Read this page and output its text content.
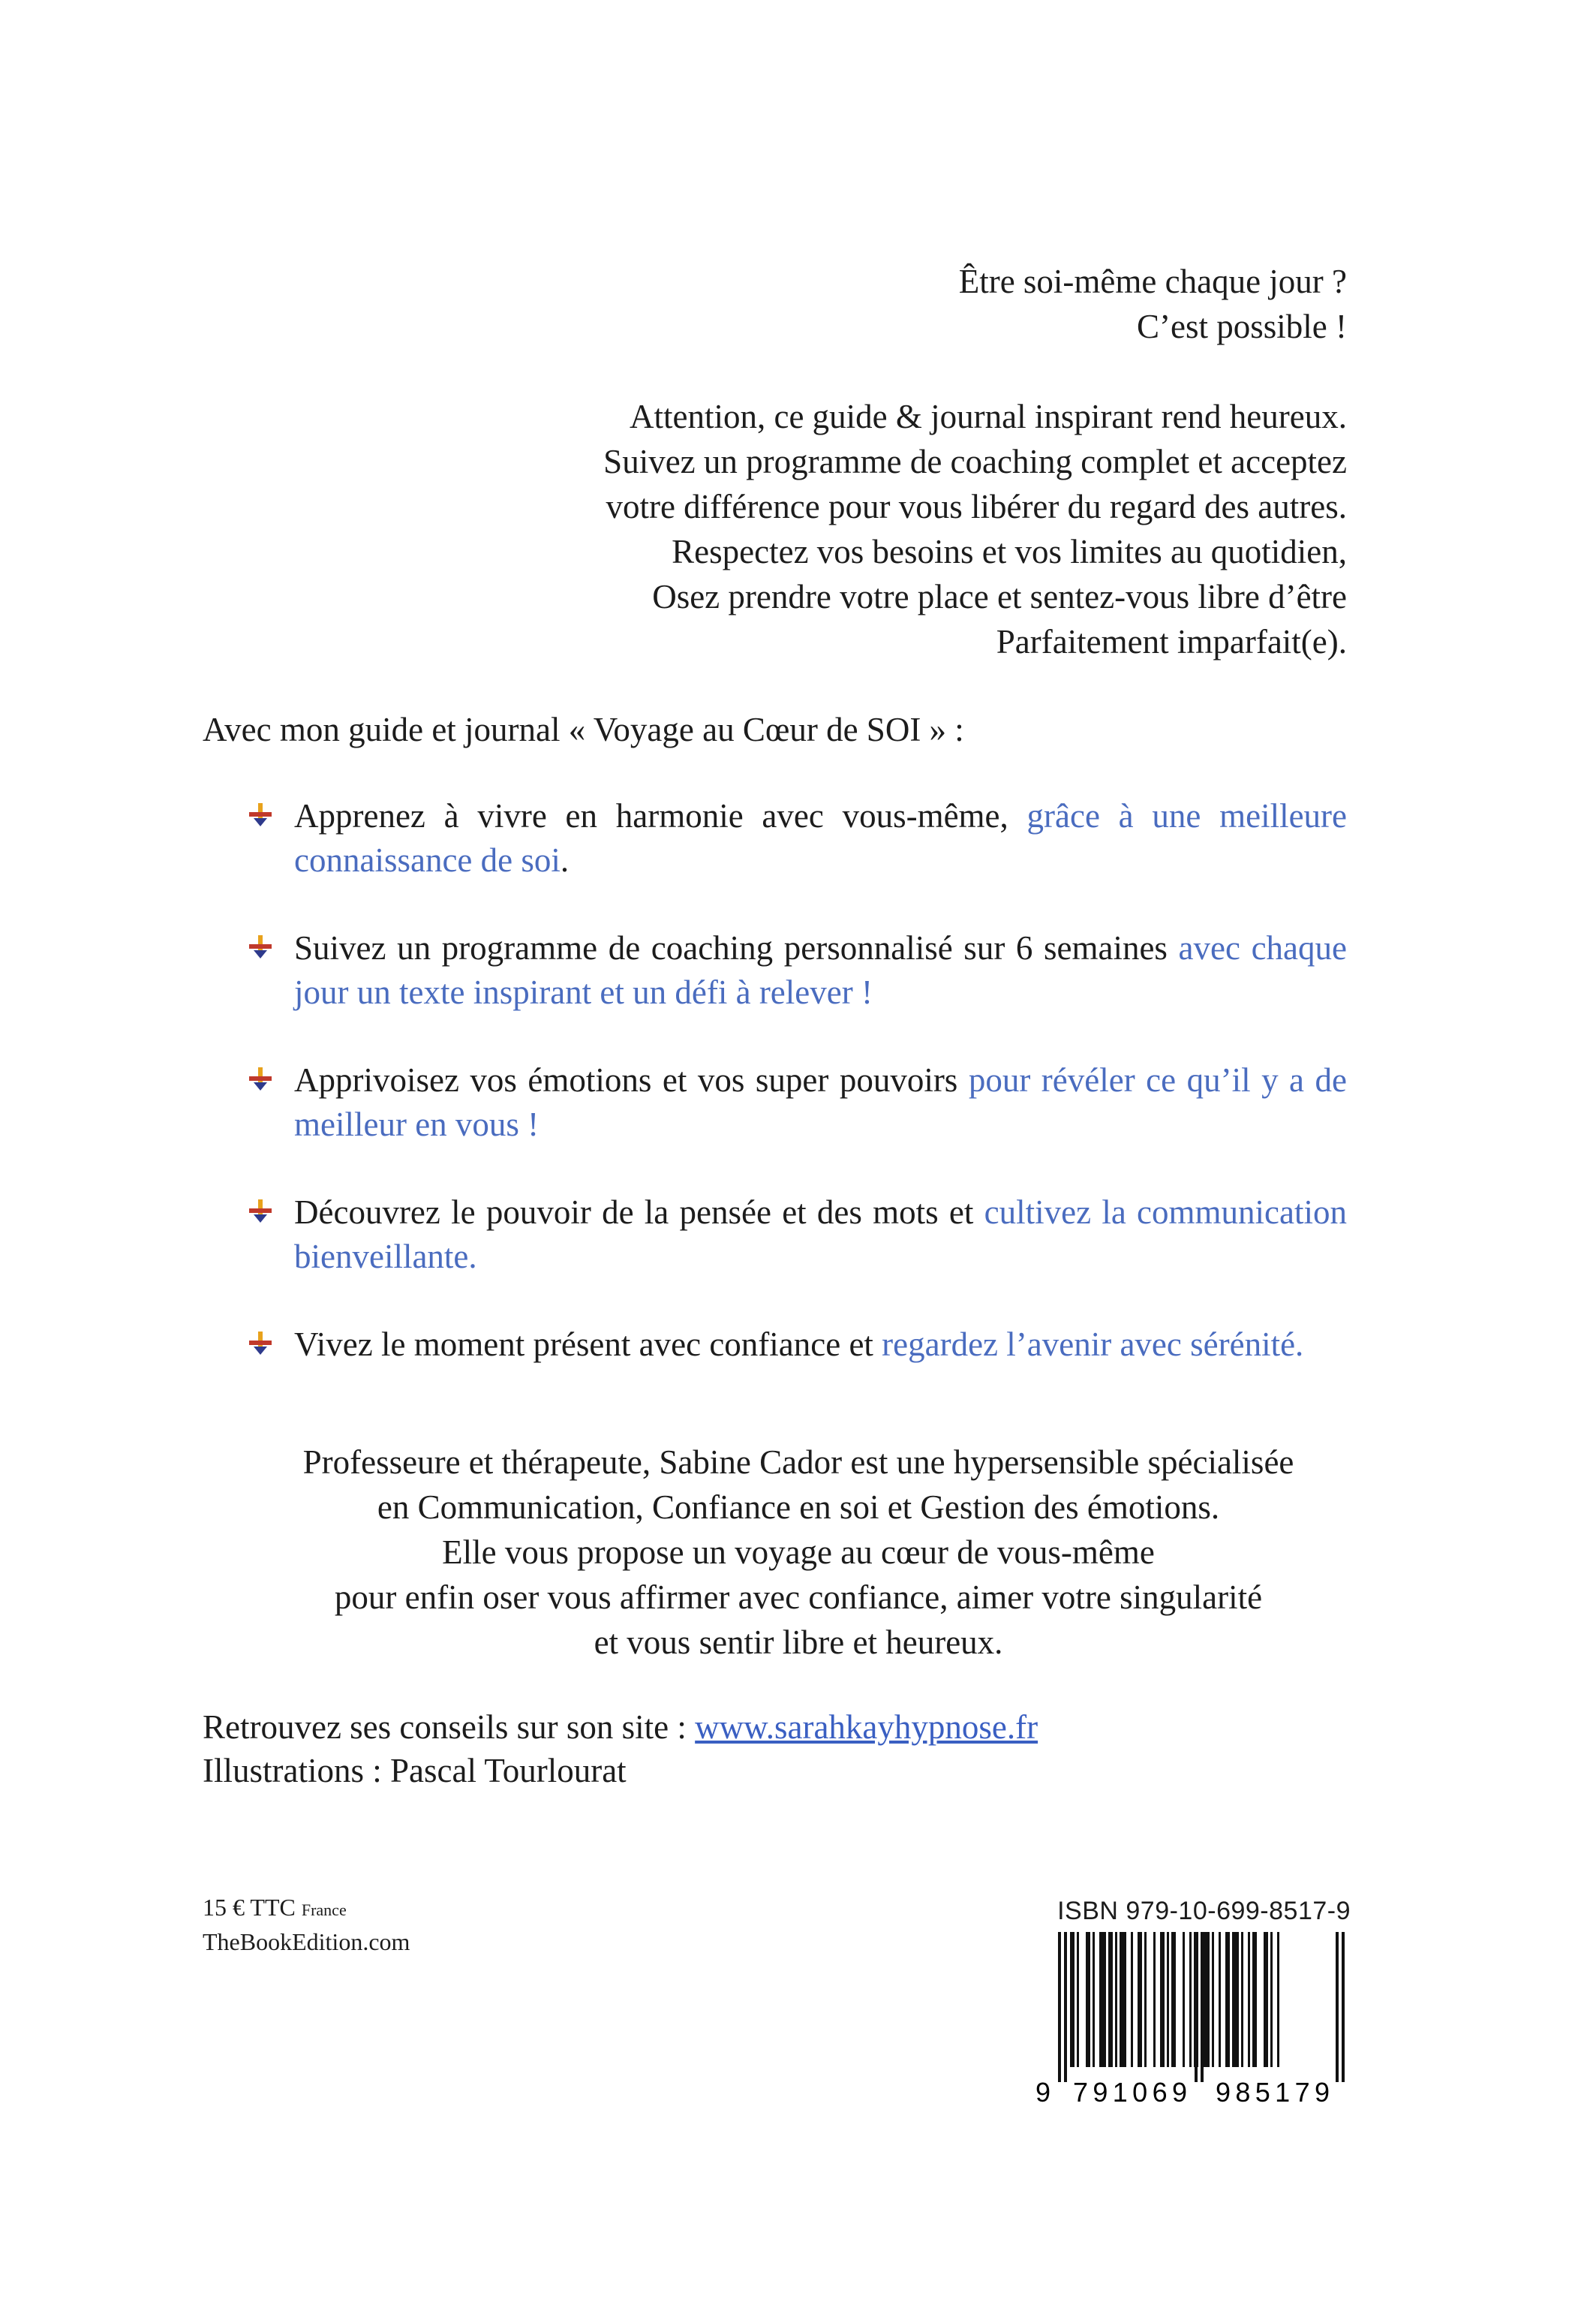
Être soi-même chaque jour ?
C’est possible !
Attention, ce guide & journal inspirant rend heureux.
Suivez un programme de coaching complet et acceptez
votre différence pour vous libérer du regard des autres.
Respectez vos besoins et vos limites au quotidien,
Osez prendre votre place et sentez-vous libre d’être
Parfaitement imparfait(e).
Avec mon guide et journal « Voyage au Cœur de SOI » :
Apprenez à vivre en harmonie avec vous-même, grâce à une meilleure connaissance de soi.
Suivez un programme de coaching personnalisé sur 6 semaines avec chaque jour un texte inspirant et un défi à relever !
Apprivoisez vos émotions et vos super pouvoirs pour révéler ce qu’il y a de meilleur en vous !
Découvrez le pouvoir de la pensée et des mots et cultivez la communication bienveillante.
Vivez le moment présent avec confiance et regardez l’avenir avec sérénité.
Professeure et thérapeute, Sabine Cador est une hypersensible spécialisée
en Communication, Confiance en soi et Gestion des émotions.
Elle vous propose un voyage au cœur de vous-même
pour enfin oser vous affirmer avec confiance, aimer votre singularité
et vous sentir libre et heureux.
Retrouvez ses conseils sur son site : www.sarahkayhypnose.fr
Illustrations : Pascal Tourlourat
15 € TTC France
TheBookEdition.com
ISBN 979-10-699-8517-9
9 791069 985179
